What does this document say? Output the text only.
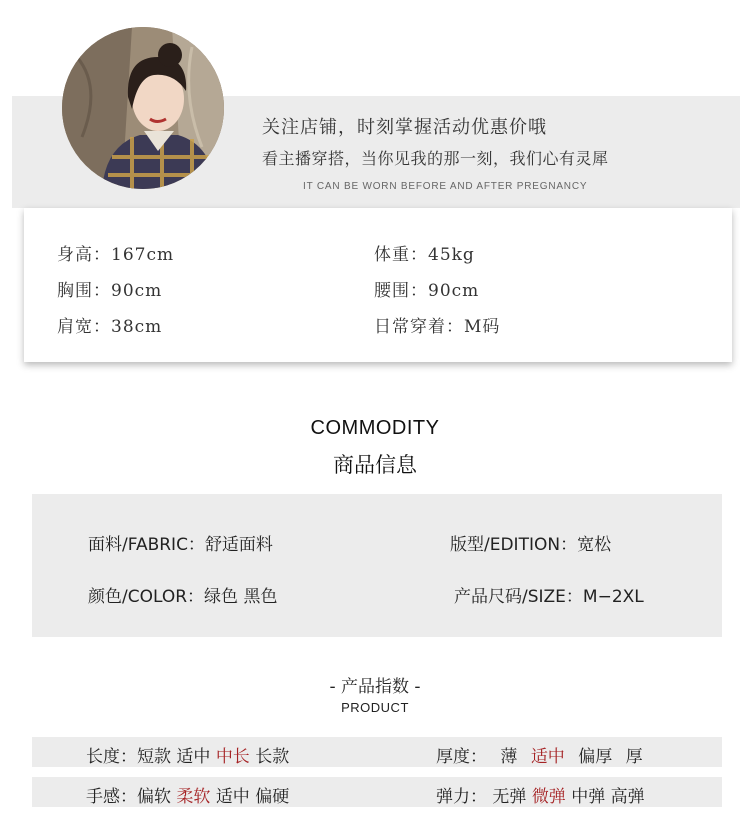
关注店铺，时刻掌握活动优惠价哦
看主播穿搭，当你见我的那一刻，我们心有灵犀
IT CAN BE WORN BEFORE AND AFTER PREGNANCY
身高：167cm	体重：45kg
胸围：90cm	腰围：90cm
肩宽：38cm	日常穿着：M码
COMMODITY
商品信息
面料/FABRIC：舒适面料	版型/EDITION：宽松
颜色/COLOR：绿色 黑色	产品尺码/SIZE：M−2XL
- 产品指数 -
PRODUCT
长度：短款 适中 中长 长款	厚度： 薄 适中 偏厚 厚
手感：偏软 柔软 适中 偏硬	弹力： 无弹 微弹 中弹 高弹
